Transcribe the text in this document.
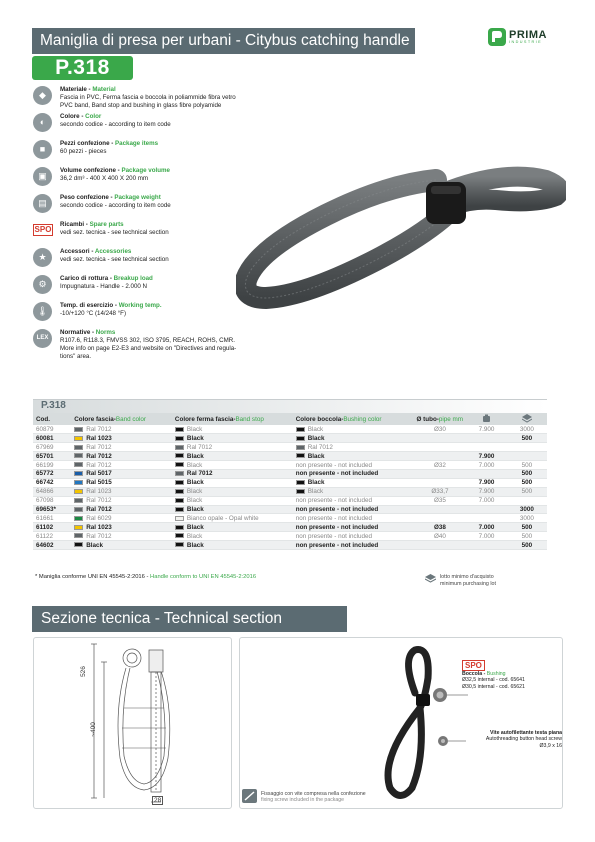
Maniglia di presa per urbani - Citybus catching handle
P.318
PRIMA
INDUSTRIE
◆
Materiale - Material
Fascia in PVC, Ferma fascia e boccola in poliammide fibra vetro
PVC band, Band stop and bushing in glass fibre polyamide
◐
Colore - Color
secondo codice - according to item code
■
Pezzi confezione - Package items
60 pezzi - pieces
▣
Volume confezione - Package volume
36,2 dm³ - 400 X 400 X 200 mm
▤
Peso confezione - Package weight
secondo codice - according to item code
SPO
Ricambi - Spare parts
vedi sez. tecnica - see technical section
★
Accessori - Accessories
vedi sez. tecnica - see technical section
⚙
Carico di rottura - Breakup load
Impugnatura - Handle - 2.000 N
🌡
Temp. di esercizio - Working temp.
-10/+120 °C (14/248 °F)
LEX
Normative - Norms
R107.6, R118.3, FMVSS 302, ISO 3795, REACH, ROHS, CMR.
More info on page E2-E3 and website on "Directives and regula-
tions" area.
P.318
Cod.	Colore fascia-Band color	Colore ferma fascia-Band stop	Colore boccola-Bushing color	Ø tubo-pipe mm		
60879	Ral 7012	Black	Black	Ø30	7.900	3000
60081	Ral 1023	Black	Black			500
67969	Ral 7012	Ral 7012	Ral 7012			
65701	Ral 7012	Black	Black		7.900	
66199	Ral 7012	Black	non presente - not included	Ø32	7.000	500
65772	Ral 5017	Ral 7012	non presente - not included			500
66742	Ral 5015	Black	Black		7.900	500
64866	Ral 1023	Black	Black	Ø33,7	7.900	500
67098	Ral 7012	Black	non presente - not included	Ø35	7.000	
69653*	Ral 7012	Black	non presente - not included			3000
61661	Ral 6029	Bianco opale - Opal white	non presente - not included			3000
61102	Ral 1023	Black	non presente - not included	Ø38	7.000	500
61122	Ral 7012	Black	non presente - not included	Ø40	7.000	500
64602	Black	Black	non presente - not included			500
* Maniglia conforme UNI EN 45545-2:2016 - Handle conform to UNI EN 45545-2:2016	lotto minimo d'acquisto
minimum purchasing lot
Sezione tecnica - Technical section
526
~400
28
SPO
Boccola - Bushing
Ø32,5 internal - cod. 65641
Ø30,5 internal - cod. 65621
Vite autofilettante testa piana
Autothreading button head screw
Ø3,9 x 16
Fissaggio con vite compresa nella confezione
fixing screw included in the package
